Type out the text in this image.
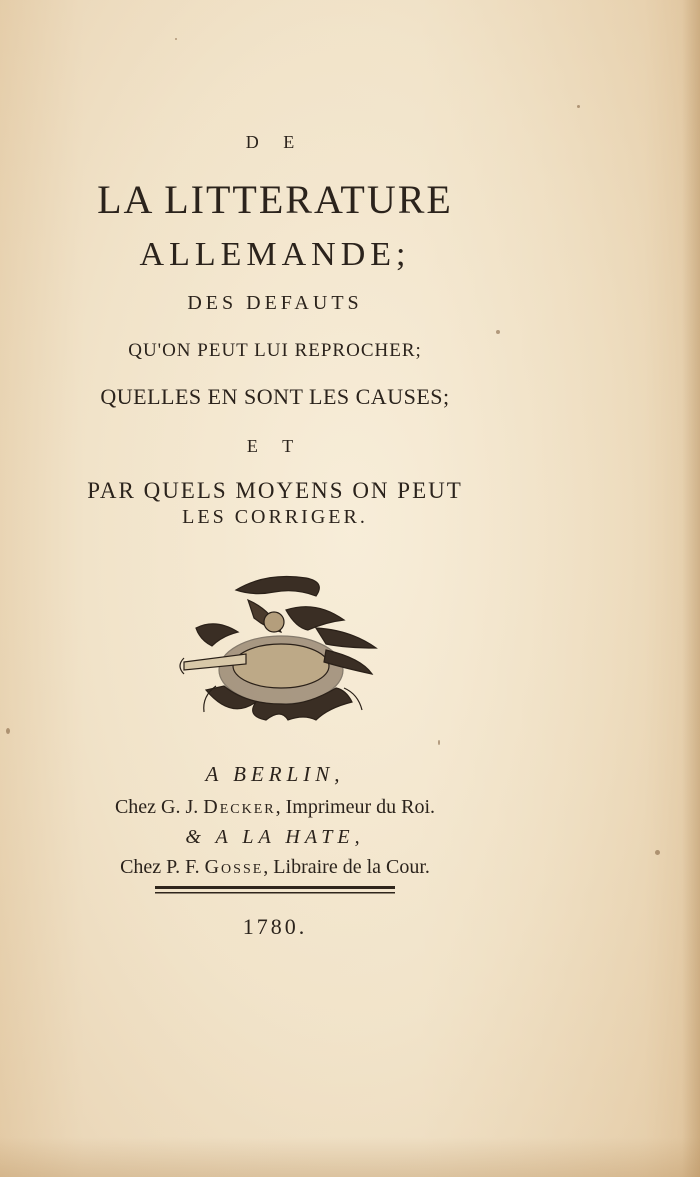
D E
LA LITTERATURE
ALLEMANDE;
DES DEFAUTS
QU'ON PEUT LUI REPROCHER;
QUELLES EN SONT LES CAUSES;
E T
PAR QUELS MOYENS ON PEUT
LES CORRIGER.
A BERLIN,
Chez G. J. Decker, Imprimeur du Roi.
& A LA HATE,
Chez P. F. Gosse, Libraire de la Cour.
1780.
